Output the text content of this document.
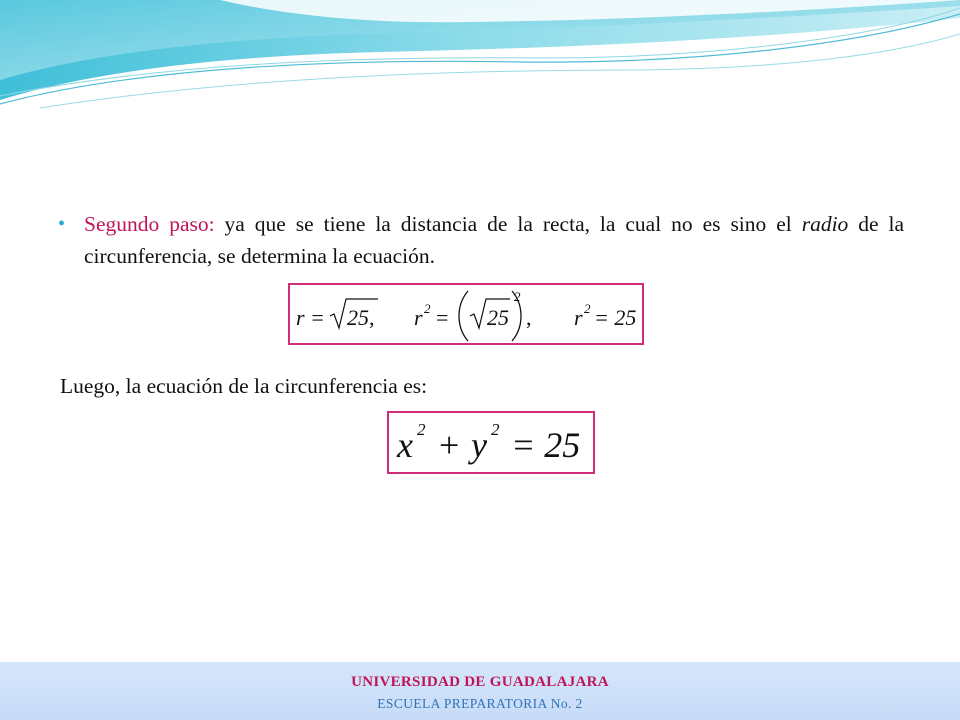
• Segundo paso: ya que se tiene la distancia de la recta, la cual no es sino el radio de la circunferencia, se determina la ecuación.
r = 25, r 2 = 25
2
, r 2 = 25
Luego, la ecuación de la circunferencia es:
x 2 + y 2 = 25
UNIVERSIDAD DE GUADALAJARA
ESCUELA PREPARATORIA No. 2
